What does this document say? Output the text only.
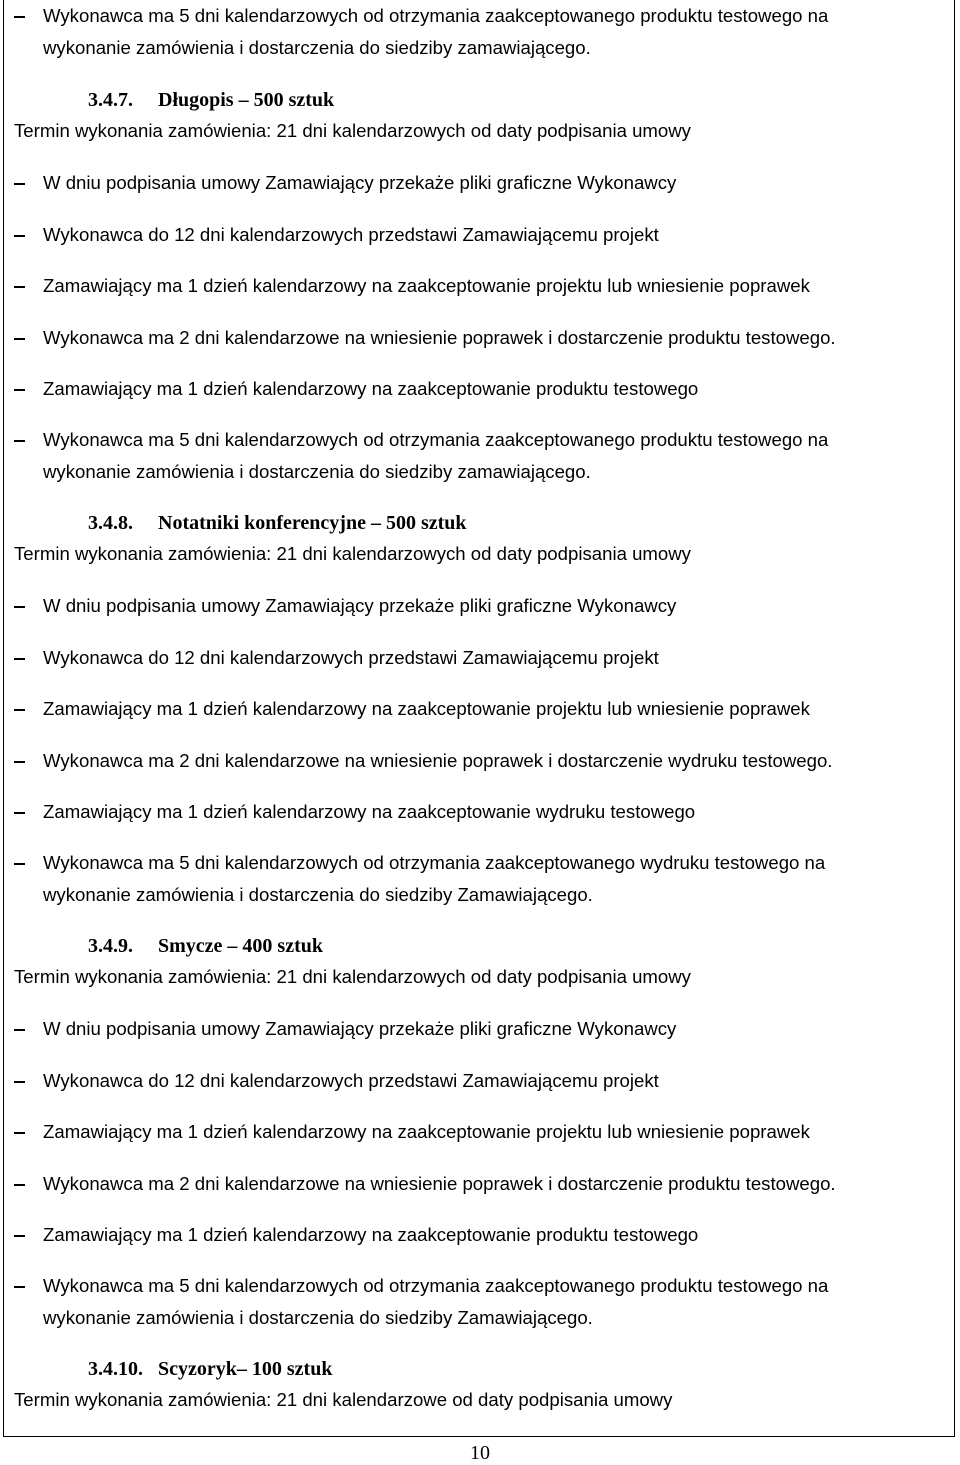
Wykonawca ma 5 dni kalendarzowych od otrzymania zaakceptowanego produktu testowego na
wykonanie zamówienia i dostarczenia do siedziby zamawiającego.
3.4.7. Długopis – 500 sztuk
Termin wykonania zamówienia: 21 dni kalendarzowych od daty podpisania umowy
W dniu podpisania umowy Zamawiający przekaże pliki graficzne Wykonawcy
Wykonawca do 12 dni kalendarzowych przedstawi Zamawiającemu projekt
Zamawiający ma 1 dzień kalendarzowy na zaakceptowanie projektu lub wniesienie poprawek
Wykonawca ma 2 dni kalendarzowe na wniesienie poprawek i dostarczenie produktu testowego.
Zamawiający ma 1 dzień kalendarzowy na zaakceptowanie produktu testowego
Wykonawca ma 5 dni kalendarzowych od otrzymania zaakceptowanego produktu testowego na
wykonanie zamówienia i dostarczenia do siedziby zamawiającego.
3.4.8. Notatniki konferencyjne – 500 sztuk
Termin wykonania zamówienia: 21 dni kalendarzowych od daty podpisania umowy
W dniu podpisania umowy Zamawiający przekaże pliki graficzne Wykonawcy
Wykonawca do 12 dni kalendarzowych przedstawi Zamawiającemu projekt
Zamawiający ma 1 dzień kalendarzowy na zaakceptowanie projektu lub wniesienie poprawek
Wykonawca ma 2 dni kalendarzowe na wniesienie poprawek i dostarczenie wydruku testowego.
Zamawiający ma 1 dzień kalendarzowy na zaakceptowanie wydruku testowego
Wykonawca ma 5 dni kalendarzowych od otrzymania zaakceptowanego wydruku testowego na
wykonanie zamówienia i dostarczenia do siedziby Zamawiającego.
3.4.9. Smycze – 400 sztuk
Termin wykonania zamówienia: 21 dni kalendarzowych od daty podpisania umowy
W dniu podpisania umowy Zamawiający przekaże pliki graficzne Wykonawcy
Wykonawca do 12 dni kalendarzowych przedstawi Zamawiającemu projekt
Zamawiający ma 1 dzień kalendarzowy na zaakceptowanie projektu lub wniesienie poprawek
Wykonawca ma 2 dni kalendarzowe na wniesienie poprawek i dostarczenie produktu testowego.
Zamawiający ma 1 dzień kalendarzowy na zaakceptowanie produktu testowego
Wykonawca ma 5 dni kalendarzowych od otrzymania zaakceptowanego produktu testowego na
wykonanie zamówienia i dostarczenia do siedziby Zamawiającego.
3.4.10. Scyzoryk– 100 sztuk
Termin wykonania zamówienia: 21 dni kalendarzowe od daty podpisania umowy
10
